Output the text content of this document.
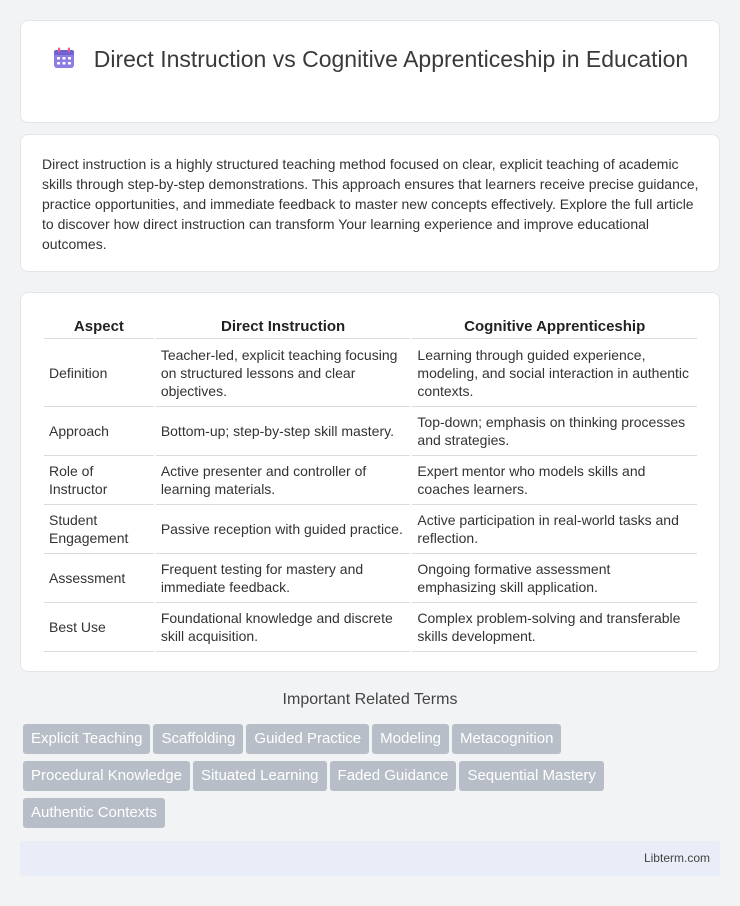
Direct Instruction vs Cognitive Apprenticeship in Education

Direct instruction is a highly structured teaching method focused on clear, explicit teaching of academic skills through step-by-step demonstrations. This approach ensures that learners receive precise guidance, practice opportunities, and immediate feedback to master new concepts effectively. Explore the full article to discover how direct instruction can transform Your learning experience and improve educational outcomes.

Aspect	Direct Instruction	Cognitive Apprenticeship
Definition	Teacher-led, explicit teaching focusing on structured lessons and clear objectives.	Learning through guided experience, modeling, and social interaction in authentic contexts.
Approach	Bottom-up; step-by-step skill mastery.	Top-down; emphasis on thinking processes and strategies.
Role of Instructor	Active presenter and controller of learning materials.	Expert mentor who models skills and coaches learners.
Student Engagement	Passive reception with guided practice.	Active participation in real-world tasks and reflection.
Assessment	Frequent testing for mastery and immediate feedback.	Ongoing formative assessment emphasizing skill application.
Best Use	Foundational knowledge and discrete skill acquisition.	Complex problem-solving and transferable skills development.
Important Related Terms
Explicit Teaching Scaffolding Guided Practice Modeling Metacognition
Procedural Knowledge Situated Learning Faded Guidance Sequential Mastery
Authentic Contexts
Libterm.com
